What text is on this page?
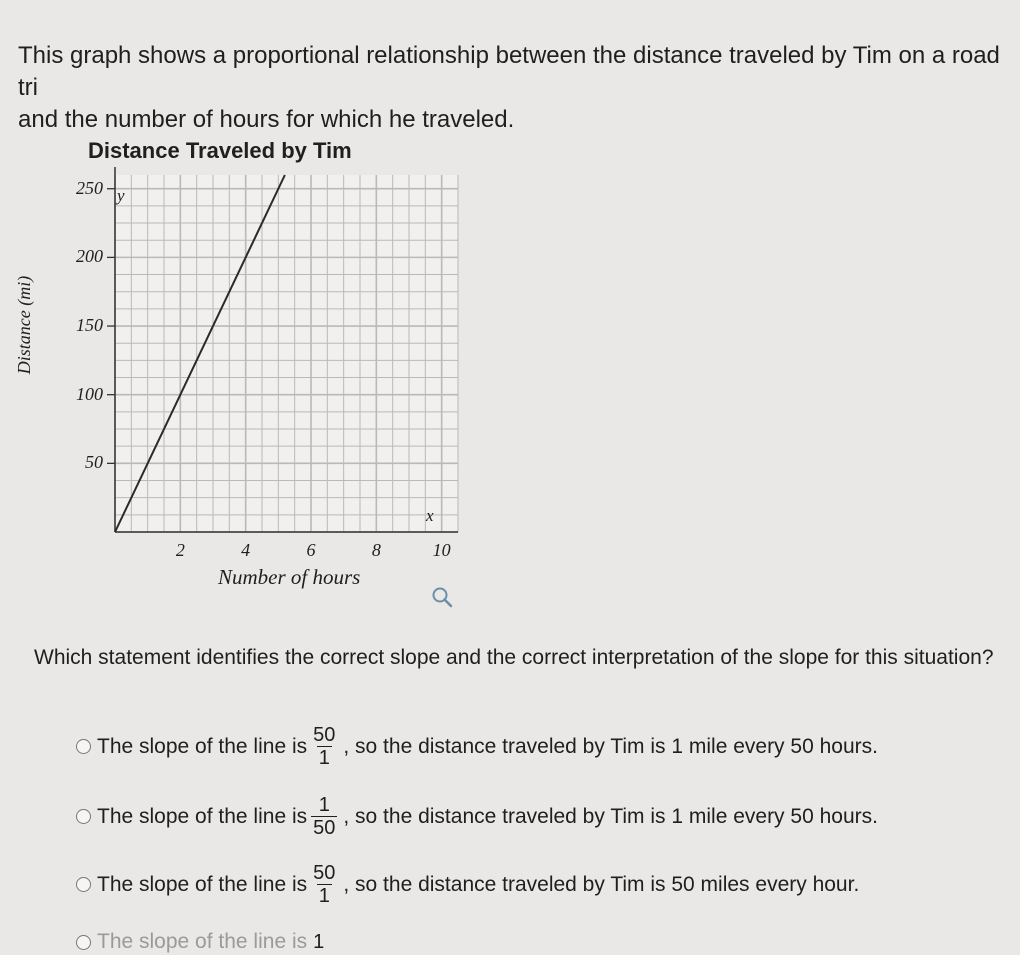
This graph shows a proportional relationship between the distance traveled by Tim on a road tri
and the number of hours for which he traveled.
Distance Traveled by Tim
Distance (mi)
Number of hours
y
x
50
100
150
200
250
2	4	6	8	10
Which statement identifies the correct slope and the correct interpretation of the slope for this situation?
The slope of the line is $\frac{50}{1}$ , so the distance traveled by Tim is 1 mile every 50 hours.
The slope of the line is $\frac{1}{50}$ , so the distance traveled by Tim is 1 mile every 50 hours.
The slope of the line is $\frac{50}{1}$ , so the distance traveled by Tim is 50 miles every hour.
The slope of the line is 1
